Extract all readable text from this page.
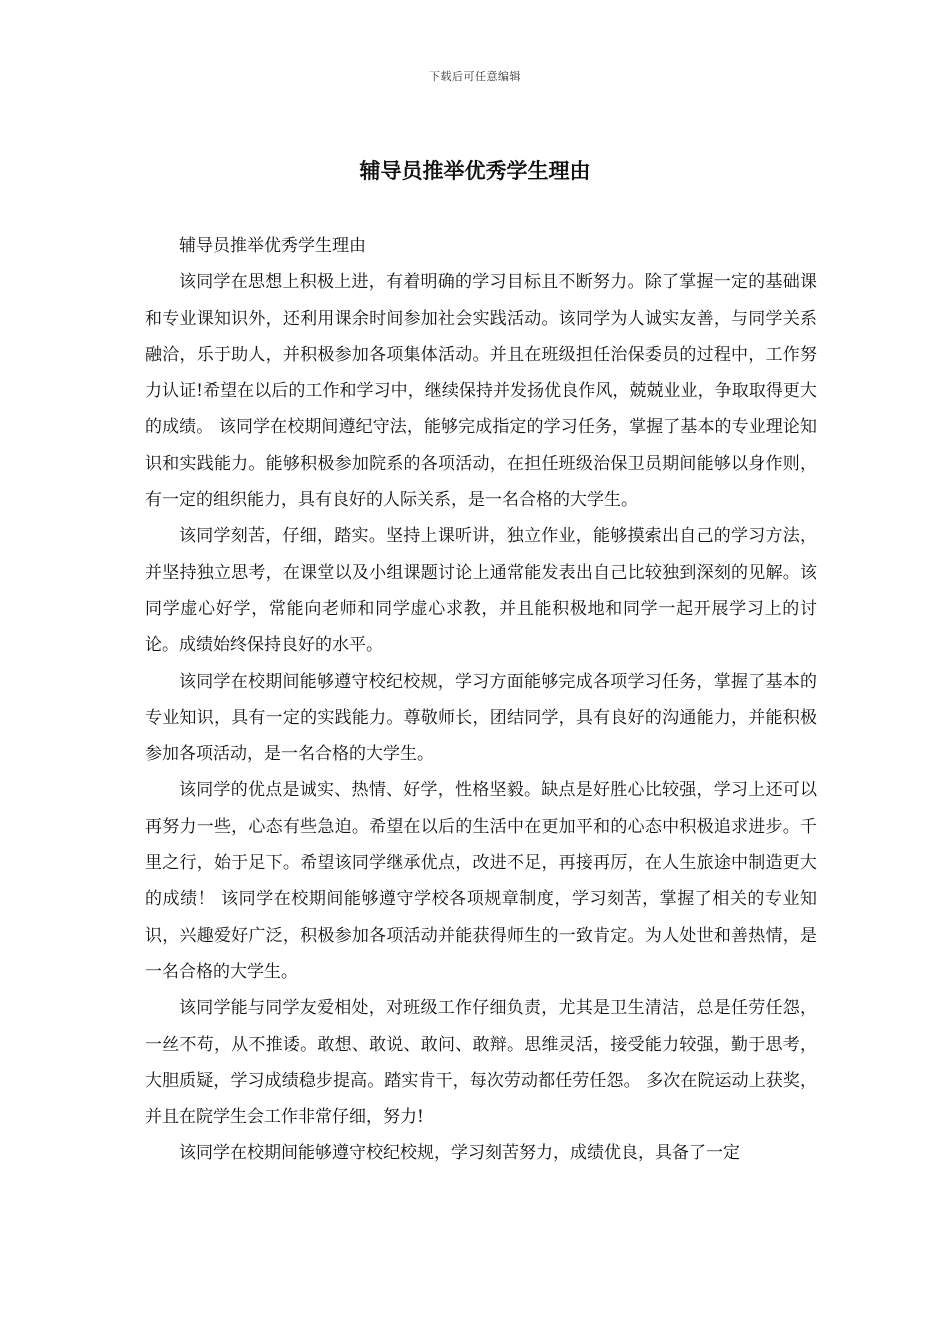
下载后可任意编辑
辅导员推举优秀学生理由

辅导员推举优秀学生理由

该同学在思想上积极上进，有着明确的学习目标且不断努力。除了掌握一定的基础课和专业课知识外，还利用课余时间参加社会实践活动。该同学为人诚实友善，与同学关系融洽，乐于助人，并积极参加各项集体活动。并且在班级担任治保委员的过程中，工作努力认证!希望在以后的工作和学习中，继续保持并发扬优良作风，兢兢业业，争取取得更大的成绩。 该同学在校期间遵纪守法，能够完成指定的学习任务，掌握了基本的专业理论知识和实践能力。能够积极参加院系的各项活动，在担任班级治保卫员期间能够以身作则，有一定的组织能力，具有良好的人际关系，是一名合格的大学生。

该同学刻苦，仔细，踏实。坚持上课听讲，独立作业，能够摸索出自己的学习方法，并坚持独立思考，在课堂以及小组课题讨论上通常能发表出自己比较独到深刻的见解。该同学虚心好学，常能向老师和同学虚心求教，并且能积极地和同学一起开展学习上的讨论。成绩始终保持良好的水平。

该同学在校期间能够遵守校纪校规，学习方面能够完成各项学习任务，掌握了基本的专业知识，具有一定的实践能力。尊敬师长，团结同学，具有良好的沟通能力，并能积极参加各项活动，是一名合格的大学生。

该同学的优点是诚实、热情、好学，性格坚毅。缺点是好胜心比较强，学习上还可以再努力一些，心态有些急迫。希望在以后的生活中在更加平和的心态中积极追求进步。千里之行，始于足下。希望该同学继承优点，改进不足，再接再厉，在人生旅途中制造更大的成绩！ 该同学在校期间能够遵守学校各项规章制度，学习刻苦，掌握了相关的专业知识，兴趣爱好广泛，积极参加各项活动并能获得师生的一致肯定。为人处世和善热情，是一名合格的大学生。

该同学能与同学友爱相处，对班级工作仔细负责，尤其是卫生清洁，总是任劳任怨，一丝不苟，从不推诿。敢想、敢说、敢问、敢辩。思维灵活，接受能力较强，勤于思考，大胆质疑，学习成绩稳步提高。踏实肯干，每次劳动都任劳任怨。 多次在院运动上获奖，并且在院学生会工作非常仔细，努力!

该同学在校期间能够遵守校纪校规，学习刻苦努力，成绩优良，具备了一定
